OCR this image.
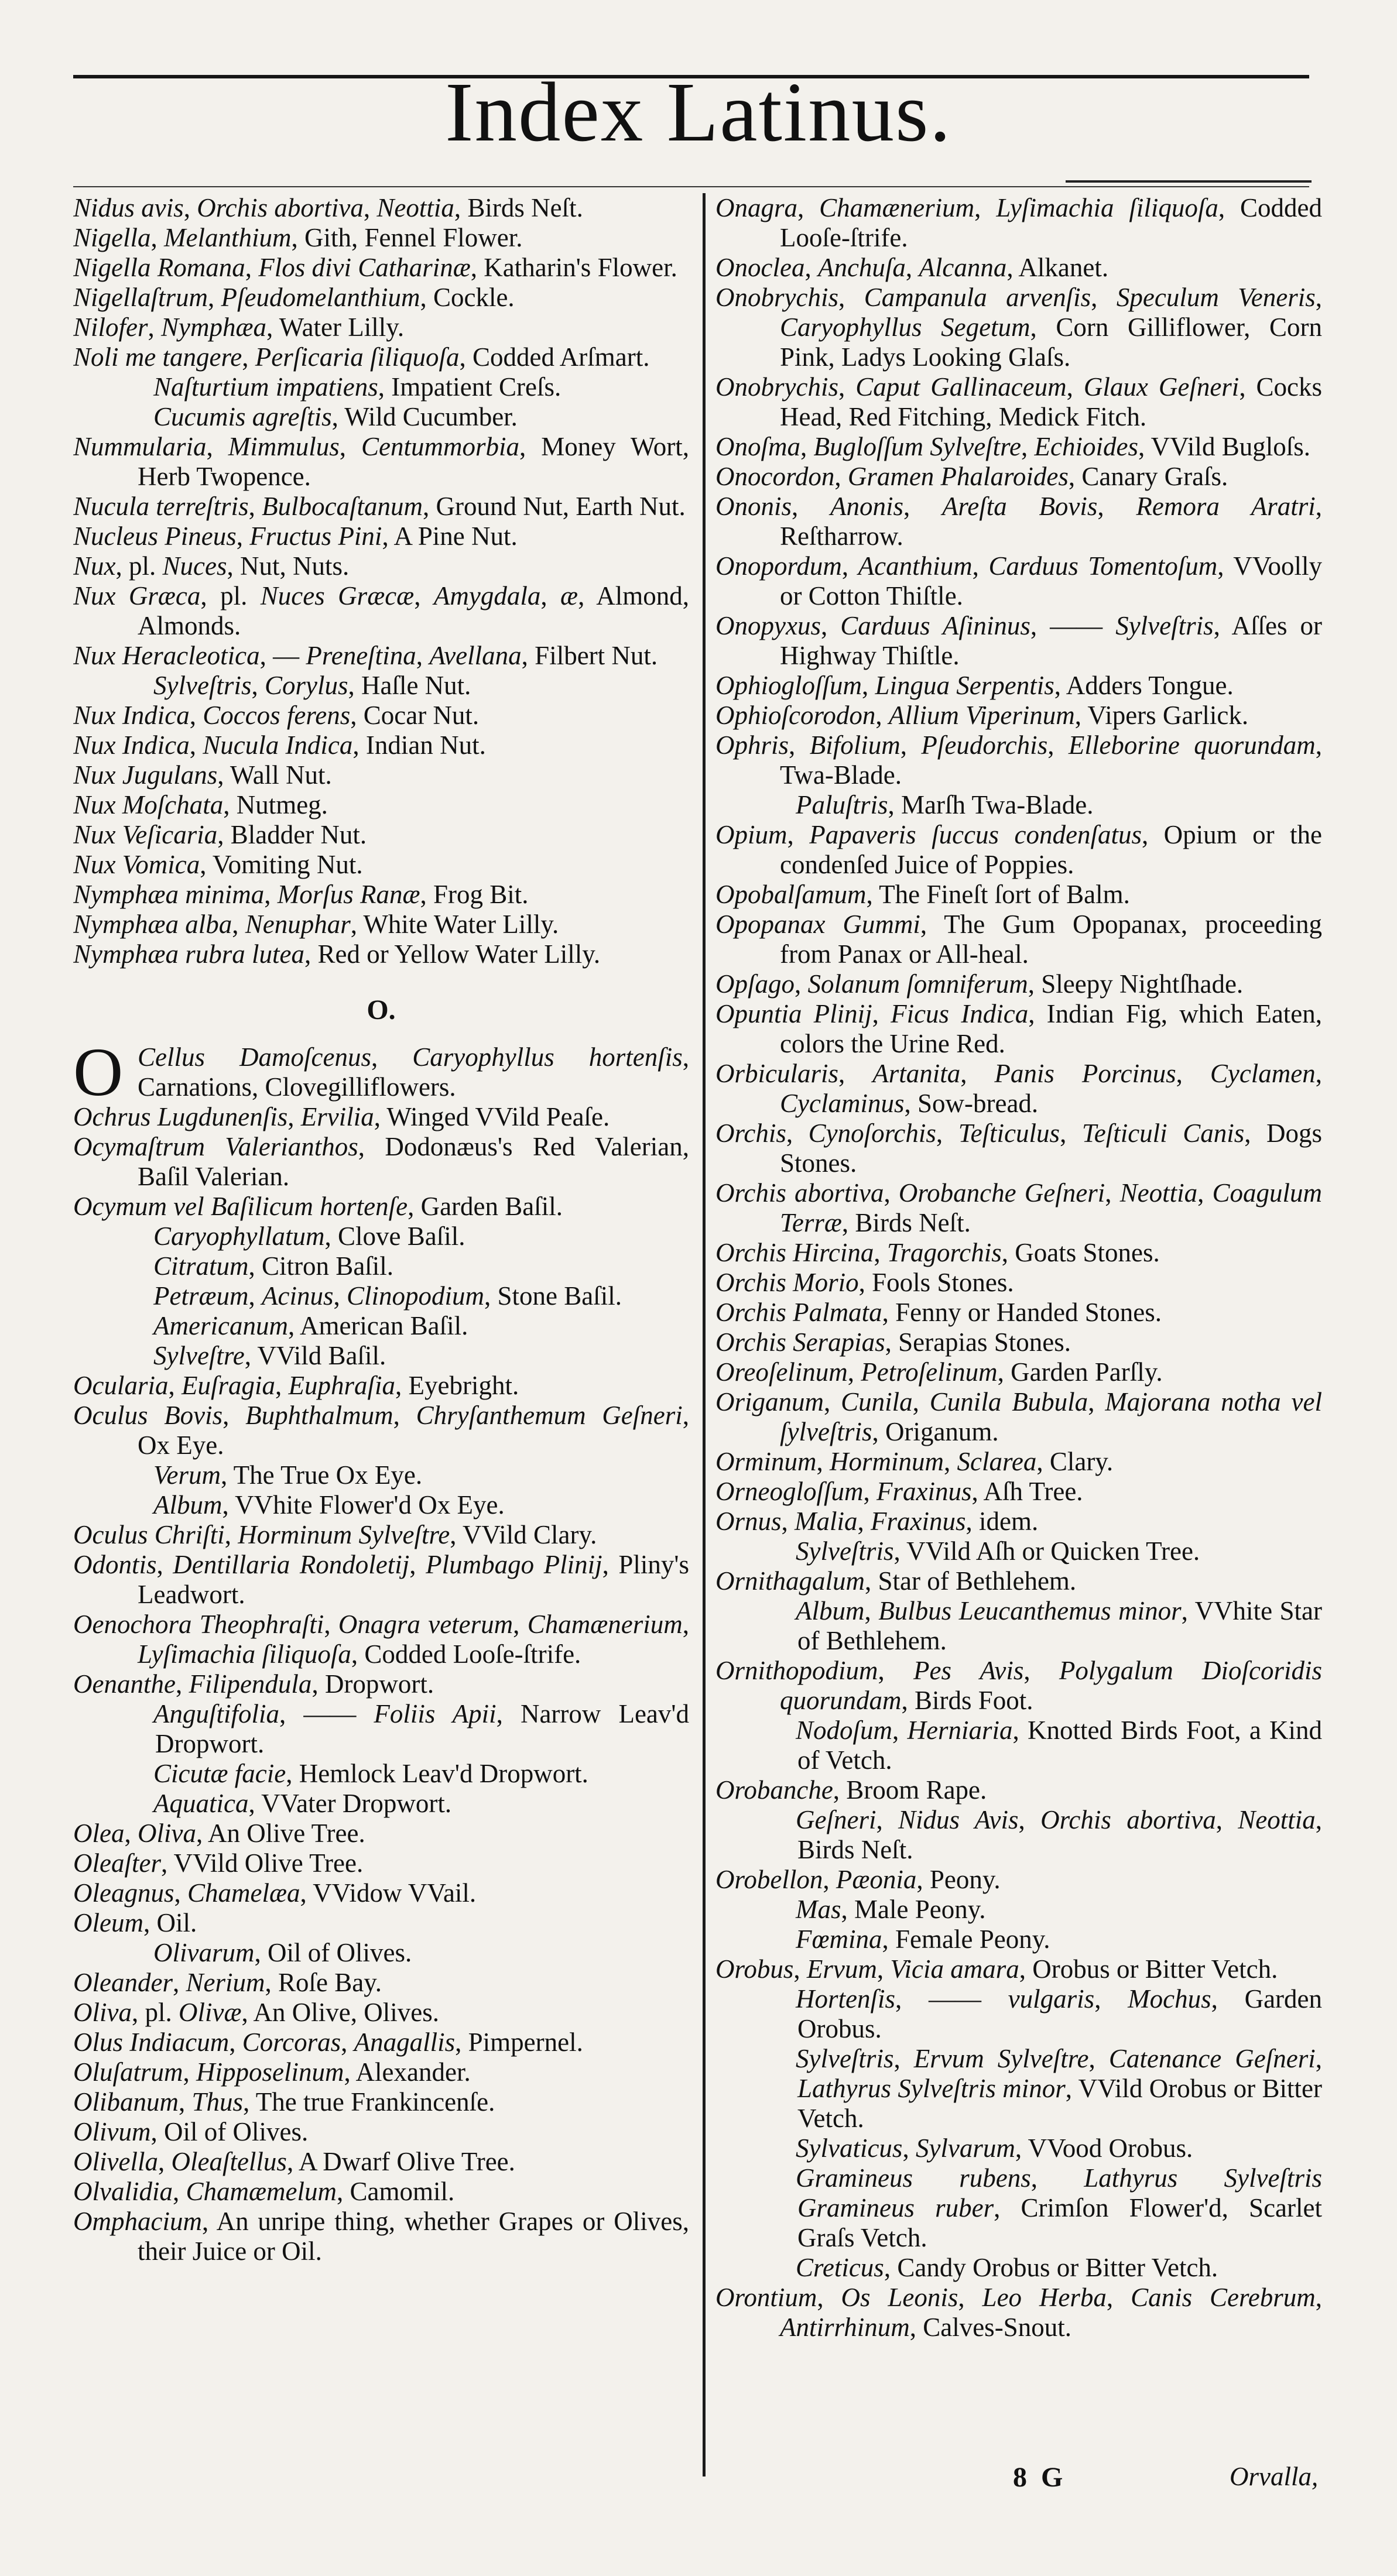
Index Latinus.
Nidus avis, Orchis abortiva, Neottia, Birds Neſt.
Nigella, Melanthium, Gith, Fennel Flower.
Nigella Romana, Flos divi Catharinæ, Katharin's Flower.
Nigellaſtrum, Pſeudomelanthium, Cockle.
Nilofer, Nymphæa, Water Lilly.
Noli me tangere, Perſicaria ſiliquoſa, Codded Arſmart.
Naſturtium impatiens, Impatient Creſs.
Cucumis agreſtis, Wild Cucumber.
Nummularia, Mimmulus, Centummorbia, Money Wort, Herb Twopence.
Nucula terreſtris, Bulbocaſtanum, Ground Nut, Earth Nut.
Nucleus Pineus, Fructus Pini, A Pine Nut.
Nux, pl. Nuces, Nut, Nuts.
Nux Græca, pl. Nuces Græcæ, Amygdala, æ, Almond, Almonds.
Nux Heracleotica, — Preneſtina, Avellana, Filbert Nut.
Sylveſtris, Corylus, Haſle Nut.
Nux Indica, Coccos ferens, Cocar Nut.
Nux Indica, Nucula Indica, Indian Nut.
Nux Jugulans, Wall Nut.
Nux Moſchata, Nutmeg.
Nux Veſicaria, Bladder Nut.
Nux Vomica, Vomiting Nut.
Nymphæa minima, Morſus Ranæ, Frog Bit.
Nymphæa alba, Nenuphar, White Water Lilly.
Nymphæa rubra lutea, Red or Yellow Water Lilly.
O.
O Cellus Damoſcenus, Caryophyllus hortenſis, Carnations, Clovegilliflowers.
Ochrus Lugdunenſis, Ervilia, Winged VVild Peaſe.
Ocymaſtrum Valerianthos, Dodonæus's Red Valerian, Baſil Valerian.
Ocymum vel Baſilicum hortenſe, Garden Baſil.
Caryophyllatum, Clove Baſil.
Citratum, Citron Baſil.
Petræum, Acinus, Clinopodium, Stone Baſil.
Americanum, American Baſil.
Sylveſtre, VVild Baſil.
Ocularia, Euſragia, Euphraſia, Eyebright.
Oculus Bovis, Buphthalmum, Chryſanthemum Geſneri, Ox Eye.
Verum, The True Ox Eye.
Album, VVhite Flower'd Ox Eye.
Oculus Chriſti, Horminum Sylveſtre, VVild Clary.
Odontis, Dentillaria Rondoletij, Plumbago Plinij, Pliny's Leadwort.
Oenochora Theophraſti, Onagra veterum, Chamænerium, Lyſimachia ſiliquoſa, Codded Looſe-ſtrife.
Oenanthe, Filipendula, Dropwort.
Anguſtifolia, —— Foliis Apii, Narrow Leav'd Dropwort.
Cicutæ facie, Hemlock Leav'd Dropwort.
Aquatica, VVater Dropwort.
Olea, Oliva, An Olive Tree.
Oleaſter, VVild Olive Tree.
Oleagnus, Chamelæa, VVidow VVail.
Oleum, Oil.
Olivarum, Oil of Olives.
Oleander, Nerium, Roſe Bay.
Oliva, pl. Olivæ, An Olive, Olives.
Olus Indiacum, Corcoras, Anagallis, Pimpernel.
Oluſatrum, Hipposelinum, Alexander.
Olibanum, Thus, The true Frankincenſe.
Olivum, Oil of Olives.
Olivella, Oleaſtellus, A Dwarf Olive Tree.
Olvalidia, Chamæmelum, Camomil.
Omphacium, An unripe thing, whether Grapes or Olives, their Juice or Oil.
Onagra, Chamænerium, Lyſimachia ſiliquoſa, Codded Looſe-ſtrife.
Onoclea, Anchuſa, Alcanna, Alkanet.
Onobrychis, Campanula arvenſis, Speculum Veneris, Caryophyllus Segetum, Corn Gilliflower, Corn Pink, Ladys Looking Glaſs.
Onobrychis, Caput Gallinaceum, Glaux Geſneri, Cocks Head, Red Fitching, Medick Fitch.
Onoſma, Bugloſſum Sylveſtre, Echioides, VVild Bugloſs.
Onocordon, Gramen Phalaroides, Canary Graſs.
Ononis, Anonis, Areſta Bovis, Remora Aratri, Reſtharrow.
Onopordum, Acanthium, Carduus Tomentoſum, VVoolly or Cotton Thiſtle.
Onopyxus, Carduus Aſininus, —— Sylveſtris, Aſſes or Highway Thiſtle.
Ophiogloſſum, Lingua Serpentis, Adders Tongue.
Ophioſcorodon, Allium Viperinum, Vipers Garlick.
Ophris, Bifolium, Pſeudorchis, Elleborine quorundam, Twa-Blade.
Paluſtris, Marſh Twa-Blade.
Opium, Papaveris ſuccus condenſatus, Opium or the condenſed Juice of Poppies.
Opobalſamum, The Fineſt ſort of Balm.
Opopanax Gummi, The Gum Opopanax, proceeding from Panax or All-heal.
Opſago, Solanum ſomniferum, Sleepy Nightſhade.
Opuntia Plinij, Ficus Indica, Indian Fig, which Eaten, colors the Urine Red.
Orbicularis, Artanita, Panis Porcinus, Cyclamen, Cyclaminus, Sow-bread.
Orchis, Cynoſorchis, Teſticulus, Teſticuli Canis, Dogs Stones.
Orchis abortiva, Orobanche Geſneri, Neottia, Coagulum Terræ, Birds Neſt.
Orchis Hircina, Tragorchis, Goats Stones.
Orchis Morio, Fools Stones.
Orchis Palmata, Fenny or Handed Stones.
Orchis Serapias, Serapias Stones.
Oreoſelinum, Petroſelinum, Garden Parſly.
Origanum, Cunila, Cunila Bubula, Majorana notha vel ſylveſtris, Origanum.
Orminum, Horminum, Sclarea, Clary.
Orneogloſſum, Fraxinus, Aſh Tree.
Ornus, Malia, Fraxinus, idem.
Sylveſtris, VVild Aſh or Quicken Tree.
Ornithagalum, Star of Bethlehem.
Album, Bulbus Leucanthemus minor, VVhite Star of Bethlehem.
Ornithopodium, Pes Avis, Polygalum Dioſcoridis quorundam, Birds Foot.
Nodoſum, Herniaria, Knotted Birds Foot, a Kind of Vetch.
Orobanche, Broom Rape.
Geſneri, Nidus Avis, Orchis abortiva, Neottia, Birds Neſt.
Orobellon, Pæonia, Peony.
Mas, Male Peony.
Fœmina, Female Peony.
Orobus, Ervum, Vicia amara, Orobus or Bitter Vetch.
Hortenſis, —— vulgaris, Mochus, Garden Orobus.
Sylveſtris, Ervum Sylveſtre, Catenance Geſneri, Lathyrus Sylveſtris minor, VVild Orobus or Bitter Vetch.
Sylvaticus, Sylvarum, VVood Orobus.
Gramineus rubens, Lathyrus Sylveſtris Gramineus ruber, Crimſon Flower'd, Scarlet Graſs Vetch.
Creticus, Candy Orobus or Bitter Vetch.
Orontium, Os Leonis, Leo Herba, Canis Cerebrum, Antirrhinum, Calves-Snout.
8 G	Orvalla,
